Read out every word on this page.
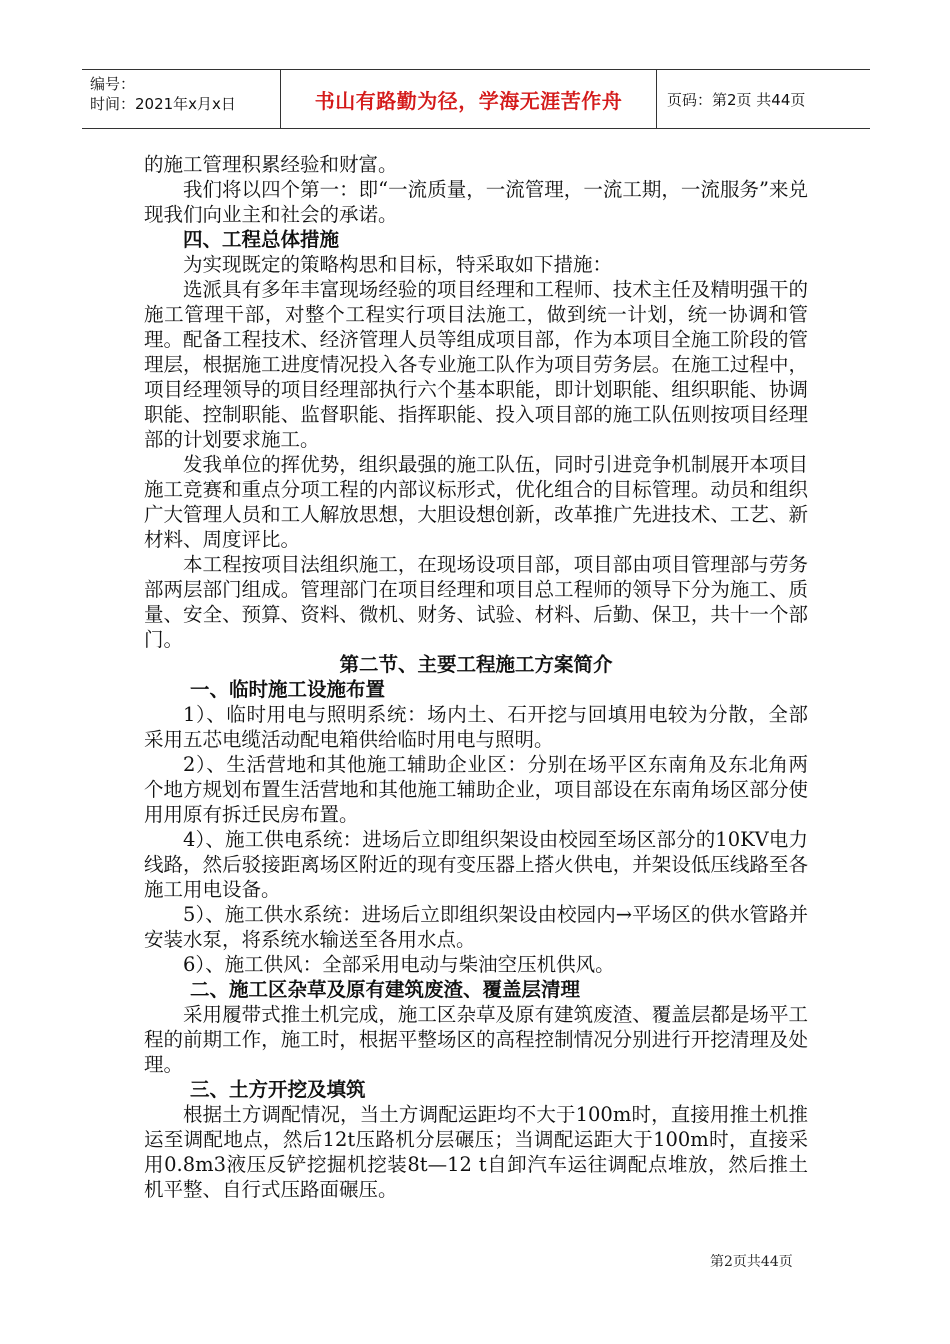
编号：
时间：2021年x月x日	书山有路勤为径，学海无涯苦作舟	页码：第2页 共44页

的施工管理积累经验和财富。

我们将以四个第一：即“一流质量，一流管理，一流工期，一流服务”来兑现我们向业主和社会的承诺。

四、工程总体措施

为实现既定的策略构思和目标，特采取如下措施：

选派具有多年丰富现场经验的项目经理和工程师、技术主任及精明强干的施工管理干部，对整个工程实行项目法施工，做到统一计划，统一协调和管理。配备工程技术、经济管理人员等组成项目部，作为本项目全施工阶段的管理层，根据施工进度情况投入各专业施工队作为项目劳务层。在施工过程中，项目经理领导的项目经理部执行六个基本职能，即计划职能、组织职能、协调职能、控制职能、监督职能、指挥职能、投入项目部的施工队伍则按项目经理部的计划要求施工。

发我单位的挥优势，组织最强的施工队伍，同时引进竞争机制展开本项目施工竞赛和重点分项工程的内部议标形式，优化组合的目标管理。动员和组织广大管理人员和工人解放思想，大胆设想创新，改革推广先进技术、工艺、新材料、周度评比。

本工程按项目法组织施工，在现场设项目部，项目部由项目管理部与劳务部两层部门组成。管理部门在项目经理和项目总工程师的领导下分为施工、质量、安全、预算、资料、微机、财务、试验、材料、后勤、保卫，共十一个部门。

第二节、主要工程施工方案简介

一、临时施工设施布置

1）、临时用电与照明系统：场内土、石开挖与回填用电较为分散，全部采用五芯电缆活动配电箱供给临时用电与照明。

2）、生活营地和其他施工辅助企业区：分别在场平区东南角及东北角两个地方规划布置生活营地和其他施工辅助企业，项目部设在东南角场区部分使用用原有拆迁民房布置。

4）、施工供电系统：进场后立即组织架设由校园至场区部分的10KV电力线路，然后驳接距离场区附近的现有变压器上搭火供电，并架设低压线路至各施工用电设备。

5）、施工供水系统：进场后立即组织架设由校园内→平场区的供水管路并安装水泵，将系统水输送至各用水点。

6）、施工供风：全部采用电动与柴油空压机供风。

二、施工区杂草及原有建筑废渣、覆盖层清理

采用履带式推土机完成，施工区杂草及原有建筑废渣、覆盖层都是场平工程的前期工作，施工时，根据平整场区的高程控制情况分别进行开挖清理及处理。

三、土方开挖及填筑

根据土方调配情况，当土方调配运距均不大于100m时，直接用推土机推运至调配地点，然后12t压路机分层碾压；当调配运距大于100m时，直接采用0.8m3液压反铲挖掘机挖装8t—12 t自卸汽车运往调配点堆放，然后推土机平整、自行式压路面碾压。

第2页共44页
